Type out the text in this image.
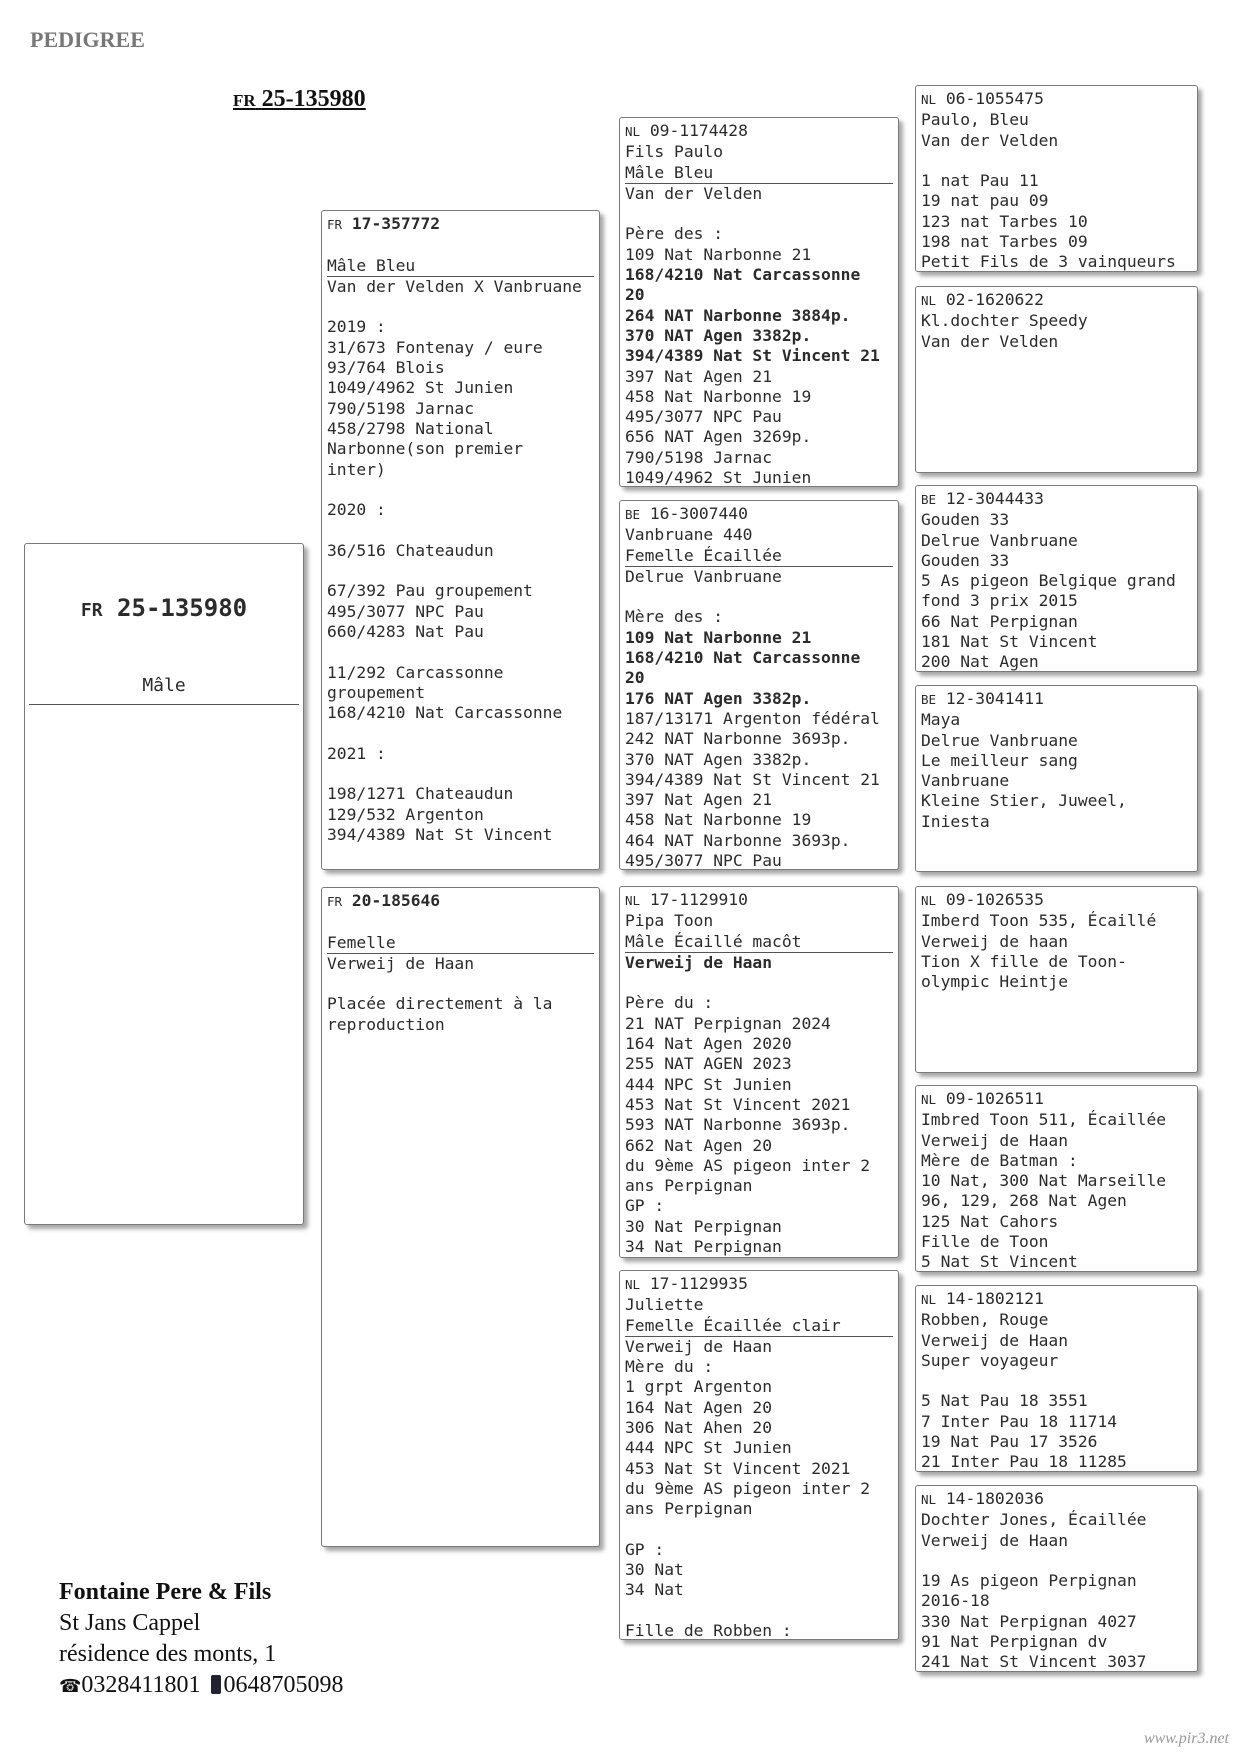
PEDIGREE
FR 25-135980

FR 25-135980

Mâle

FR 17-357772
Mâle Bleu
Van der Velden X Vanbruane
2019 :
31/673 Fontenay / eure
93/764 Blois
1049/4962 St Junien
790/5198 Jarnac
458/2798 National
Narbonne(son premier
inter)
2020 :
36/516 Chateaudun
67/392 Pau groupement
495/3077 NPC Pau
660/4283 Nat Pau
11/292 Carcassonne
groupement
168/4210 Nat Carcassonne
2021 :
198/1271 Chateaudun
129/532 Argenton
394/4389 Nat St Vincent
FR 20-185646
Femelle
Verweij de Haan
Placée directement à la
reproduction
NL 09-1174428
Fils Paulo
Mâle Bleu
Van der Velden
Père des :
109 Nat Narbonne 21
168/4210 Nat Carcassonne
20
264 NAT Narbonne 3884p.
370 NAT Agen 3382p.
394/4389 Nat St Vincent 21
397 Nat Agen 21
458 Nat Narbonne 19
495/3077 NPC Pau
656 NAT Agen 3269p.
790/5198 Jarnac
1049/4962 St Junien
BE 16-3007440
Vanbruane 440
Femelle Écaillée
Delrue Vanbruane
Mère des :
109 Nat Narbonne 21
168/4210 Nat Carcassonne
20
176 NAT Agen 3382p.
187/13171 Argenton fédéral
242 NAT Narbonne 3693p.
370 NAT Agen 3382p.
394/4389 Nat St Vincent 21
397 Nat Agen 21
458 Nat Narbonne 19
464 NAT Narbonne 3693p.
495/3077 NPC Pau
NL 17-1129910
Pipa Toon
Mâle Écaillé macôt
Verweij de Haan
Père du :
21 NAT Perpignan 2024
164 Nat Agen 2020
255 NAT AGEN 2023
444 NPC St Junien
453 Nat St Vincent 2021
593 NAT Narbonne 3693p.
662 Nat Agen 20
du 9ème AS pigeon inter 2
ans Perpignan
GP :
30 Nat Perpignan
34 Nat Perpignan
NL 17-1129935
Juliette
Femelle Écaillée clair
Verweij de Haan
Mère du :
1 grpt Argenton
164 Nat Agen 20
306 Nat Ahen 20
444 NPC St Junien
453 Nat St Vincent 2021
du 9ème AS pigeon inter 2
ans Perpignan
GP :
30 Nat
34 Nat
Fille de Robben :
NL 06-1055475
Paulo, Bleu
Van der Velden
1 nat Pau 11
19 nat pau 09
123 nat Tarbes 10
198 nat Tarbes 09
Petit Fils de 3 vainqueurs
NL 02-1620622
Kl.dochter Speedy
Van der Velden
BE 12-3044433
Gouden 33
Delrue Vanbruane
Gouden 33
5 As pigeon Belgique grand
fond 3 prix 2015
66 Nat Perpignan
181 Nat St Vincent
200 Nat Agen
BE 12-3041411
Maya
Delrue Vanbruane
Le meilleur sang
Vanbruane
Kleine Stier, Juweel,
Iniesta
NL 09-1026535
Imberd Toon 535, Écaillé
Verweij de haan
Tion X fille de Toon-
olympic Heintje
NL 09-1026511
Imbred Toon 511, Écaillée
Verweij de Haan
Mère de Batman :
10 Nat, 300 Nat Marseille
96, 129, 268 Nat Agen
125 Nat Cahors
Fille de Toon
5 Nat St Vincent
NL 14-1802121
Robben, Rouge
Verweij de Haan
Super voyageur
5 Nat Pau 18 3551
7 Inter Pau 18 11714
19 Nat Pau 17 3526
21 Inter Pau 18 11285
NL 14-1802036
Dochter Jones, Écaillée
Verweij de Haan
19 As pigeon Perpignan
2016-18
330 Nat Perpignan 4027
91 Nat Perpignan dv
241 Nat St Vincent 3037
Fontaine Pere & Fils
St Jans Cappel
résidence des monts, 1
☎0328411801 0648705098
www.pir3.net
